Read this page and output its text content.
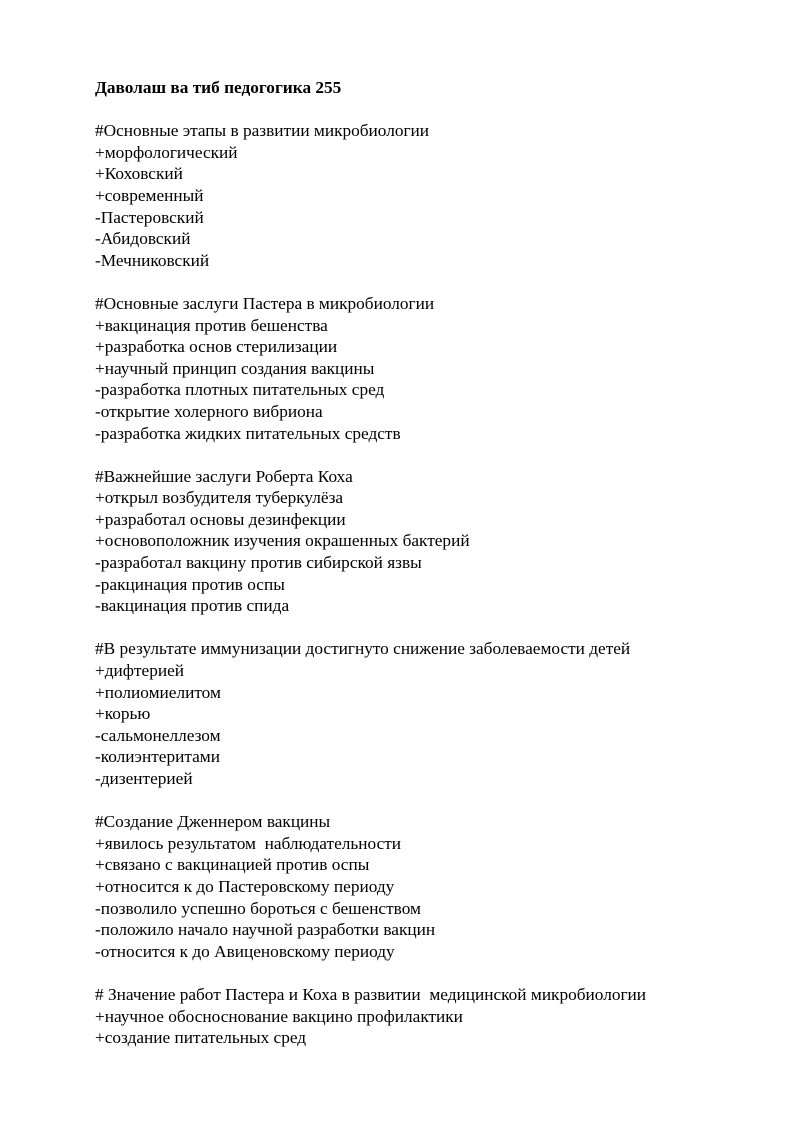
Даволаш ва тиб педогогика 255
#Основные этапы в развитии микробиологии
+морфологический
+Коховский
+современный
-Пастеровский
-Абидовский
-Мечниковский
#Основные заслуги Пастера в микробиологии
+вакцинация против бешенства
+разработка основ стерилизации
+научный принцип создания вакцины
-разработка плотных питательных сред
-открытие холерного вибриона
-разработка жидких питательных средств
#Важнейшие заслуги Роберта Коха
+открыл возбудителя туберкулёза
+разработал основы дезинфекции
+основоположник изучения окрашенных бактерий
-разработал вакцину против сибирской язвы
-ракцинация против оспы
-вакцинация против спида
#В результате иммунизации достигнуто снижение заболеваемости детей
+дифтерией
+полиомиелитом
+корью
-сальмонеллезом
-колиэнтеритами
-дизентерией
#Создание Дженнером вакцины
+явилось результатом  наблюдательности
+связано с вакцинацией против оспы
+относится к до Пастеровскому периоду
-позволило успешно бороться с бешенством
-положило начало научной разработки вакцин
-относится к до Авиценовскому периоду
# Значение работ Пастера и Коха в развитии  медицинской микробиологии
+научное обосноснование вакцино профилактики
+создание питательных сред
